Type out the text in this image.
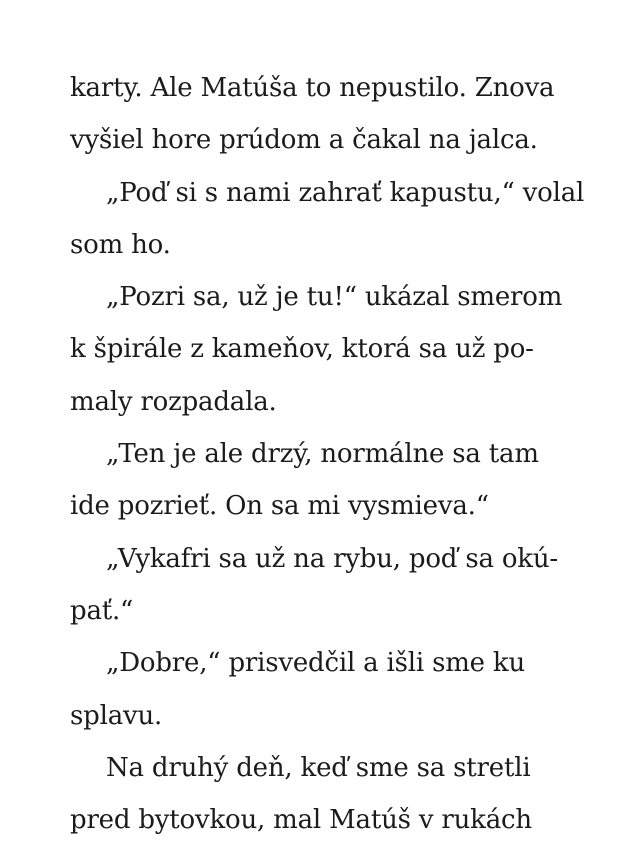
karty. Ale Matúša to nepustilo. Znova
vyšiel hore prúdom a čakal na jalca.
„Poď si s nami zahrať kapustu,“ volal
som ho.
„Pozri sa, už je tu!“ ukázal smerom
k špirále z kameňov, ktorá sa už po-
maly rozpadala.
„Ten je ale drzý, normálne sa tam
ide pozrieť. On sa mi vysmieva.“
„Vykafri sa už na rybu, poď sa okú-
pať.“
„Dobre,“ prisvedčil a išli sme ku
splavu.
Na druhý deň, keď sme sa stretli
pred bytovkou, mal Matúš v rukách
